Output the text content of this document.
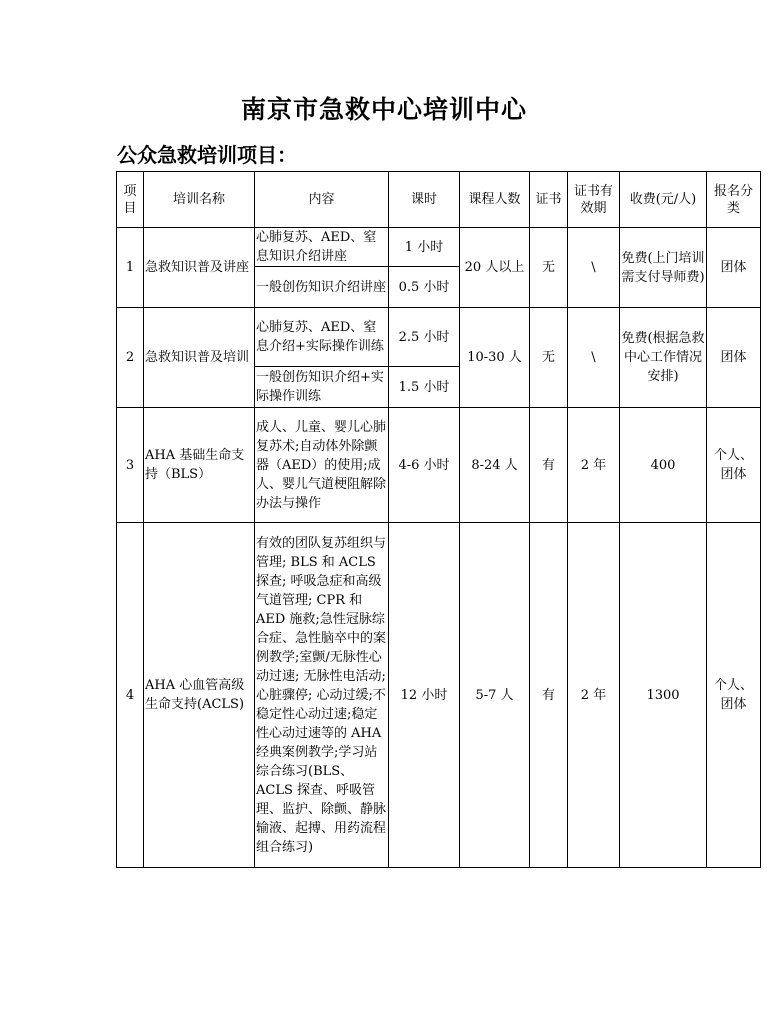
南京市急救中心培训中心
公众急救培训项目：
项目	培训名称	内容	课时	课程人数	证书	证书有效期	收费(元/人)	报名分类
1	急救知识普及讲座	心肺复苏、AED、窒息知识介绍讲座	1 小时	20 人以上	无	\	免费(上门培训需支付导师费)	团体
		一般创伤知识介绍讲座	0.5 小时					
2	急救知识普及培训	心肺复苏、AED、窒息介绍+实际操作训练	2.5 小时	10-30 人	无	\	免费(根据急救中心工作情况安排)	团体
		一般创伤知识介绍+实际操作训练	1.5 小时					
3	AHA 基础生命支持（BLS）	成人、儿童、婴儿心肺复苏术;自动体外除颤器（AED）的使用;成人、婴儿气道梗阻解除办法与操作	4-6 小时	8-24 人	有	2 年	400	个人、团体
4	AHA 心血管高级生命支持(ACLS)	有效的团队复苏组织与管理; BLS 和 ACLS 探查; 呼吸急症和高级气道管理; CPR 和 AED 施救;急性冠脉综合症、急性脑卒中的案例教学;室颤/无脉性心动过速; 无脉性电活动;心脏骤停; 心动过缓;不稳定性心动过速;稳定性心动过速等的 AHA 经典案例教学;学习站综合练习(BLS、ACLS 探查、呼吸管理、监护、除颤、静脉输液、起搏、用药流程组合练习)	12 小时	5-7 人	有	2 年	1300	个人、团体
